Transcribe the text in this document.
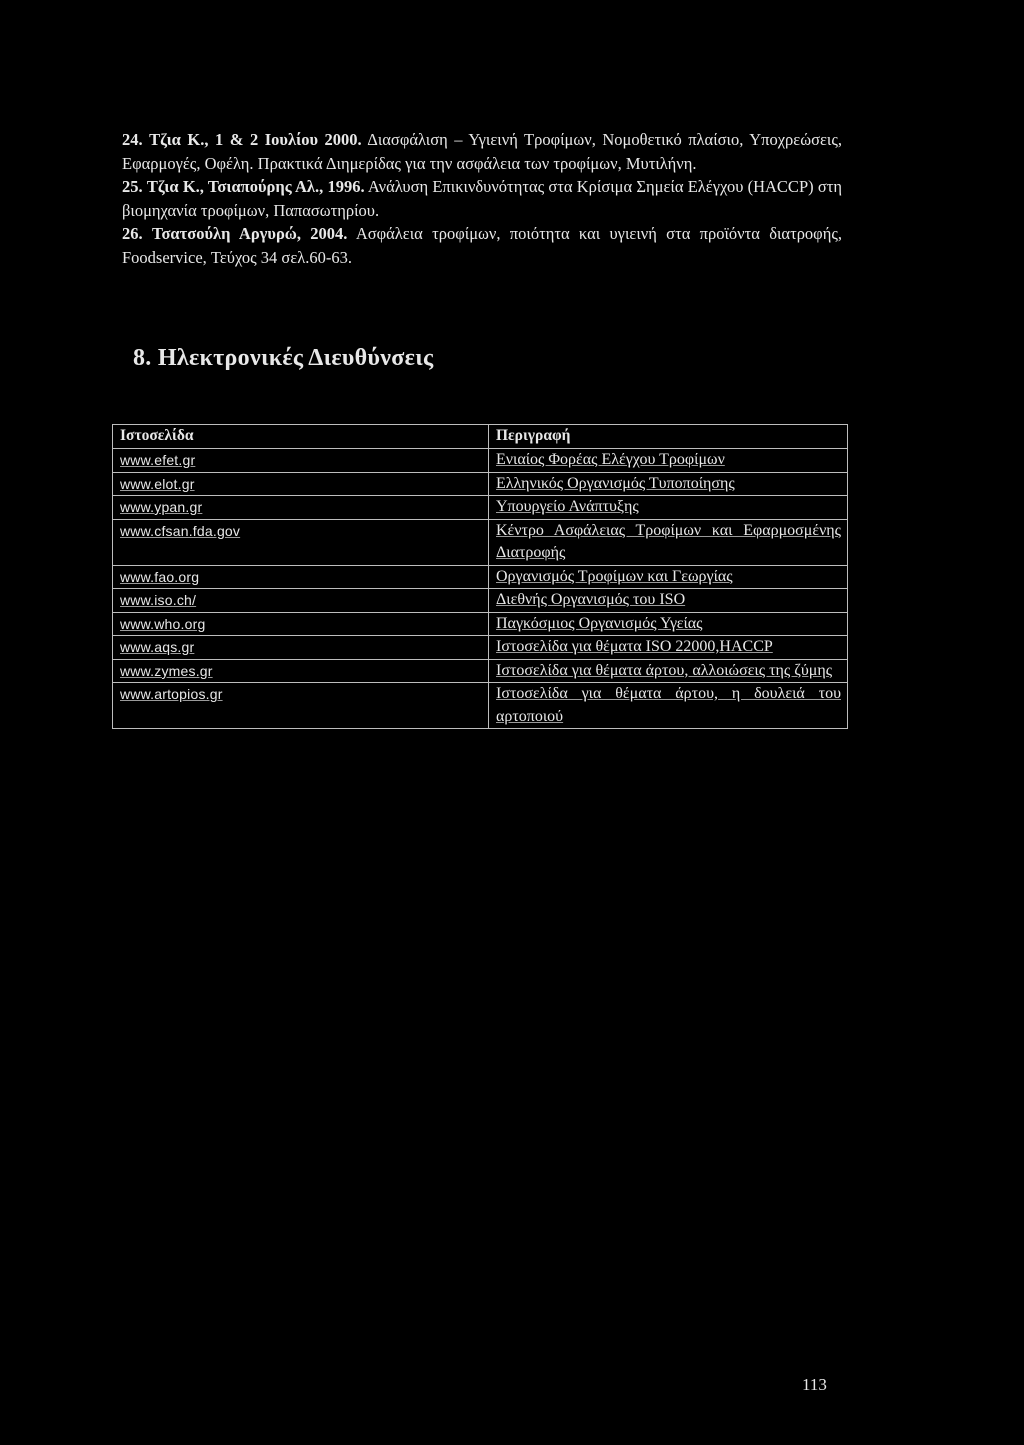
24. Τζια Κ., 1 & 2 Ιουλίου 2000. Διασφάλιση – Υγιεινή Τροφίμων, Νομοθετικό πλαίσιο, Υποχρεώσεις, Εφαρμογές, Οφέλη. Πρακτικά Διημερίδας για την ασφάλεια των τροφίμων, Μυτιλήνη.

25. Τζια Κ., Τσιαπούρης Αλ., 1996. Ανάλυση Επικινδυνότητας στα Κρίσιμα Σημεία Ελέγχου (HACCP) στη βιομηχανία τροφίμων, Παπασωτηρίου.

26. Τσατσούλη Αργυρώ, 2004. Ασφάλεια τροφίμων, ποιότητα και υγιεινή στα προϊόντα διατροφής, Foodservice, Τεύχος 34 σελ.60-63.

8. Ηλεκτρονικές Διευθύνσεις
Ιστοσελίδα	Περιγραφή
www.efet.gr	Ενιαίος Φορέας Ελέγχου Τροφίμων
www.elot.gr	Ελληνικός Οργανισμός Τυποποίησης
www.ypan.gr	Υπουργείο Ανάπτυξης
www.cfsan.fda.gov	Κέντρο Ασφάλειας Τροφίμων και Εφαρμοσμένης Διατροφής
www.fao.org	Οργανισμός Τροφίμων και Γεωργίας
www.iso.ch/	Διεθνής Οργανισμός του ISO
www.who.org	Παγκόσμιος Οργανισμός Υγείας
www.aqs.gr	Ιστοσελίδα για θέματα ISO 22000,HACCP
www.zymes.gr	Ιστοσελίδα για θέματα άρτου, αλλοιώσεις της ζύμης
www.artopios.gr	Ιστοσελίδα για θέματα άρτου, η δουλειά του αρτοποιού

113
